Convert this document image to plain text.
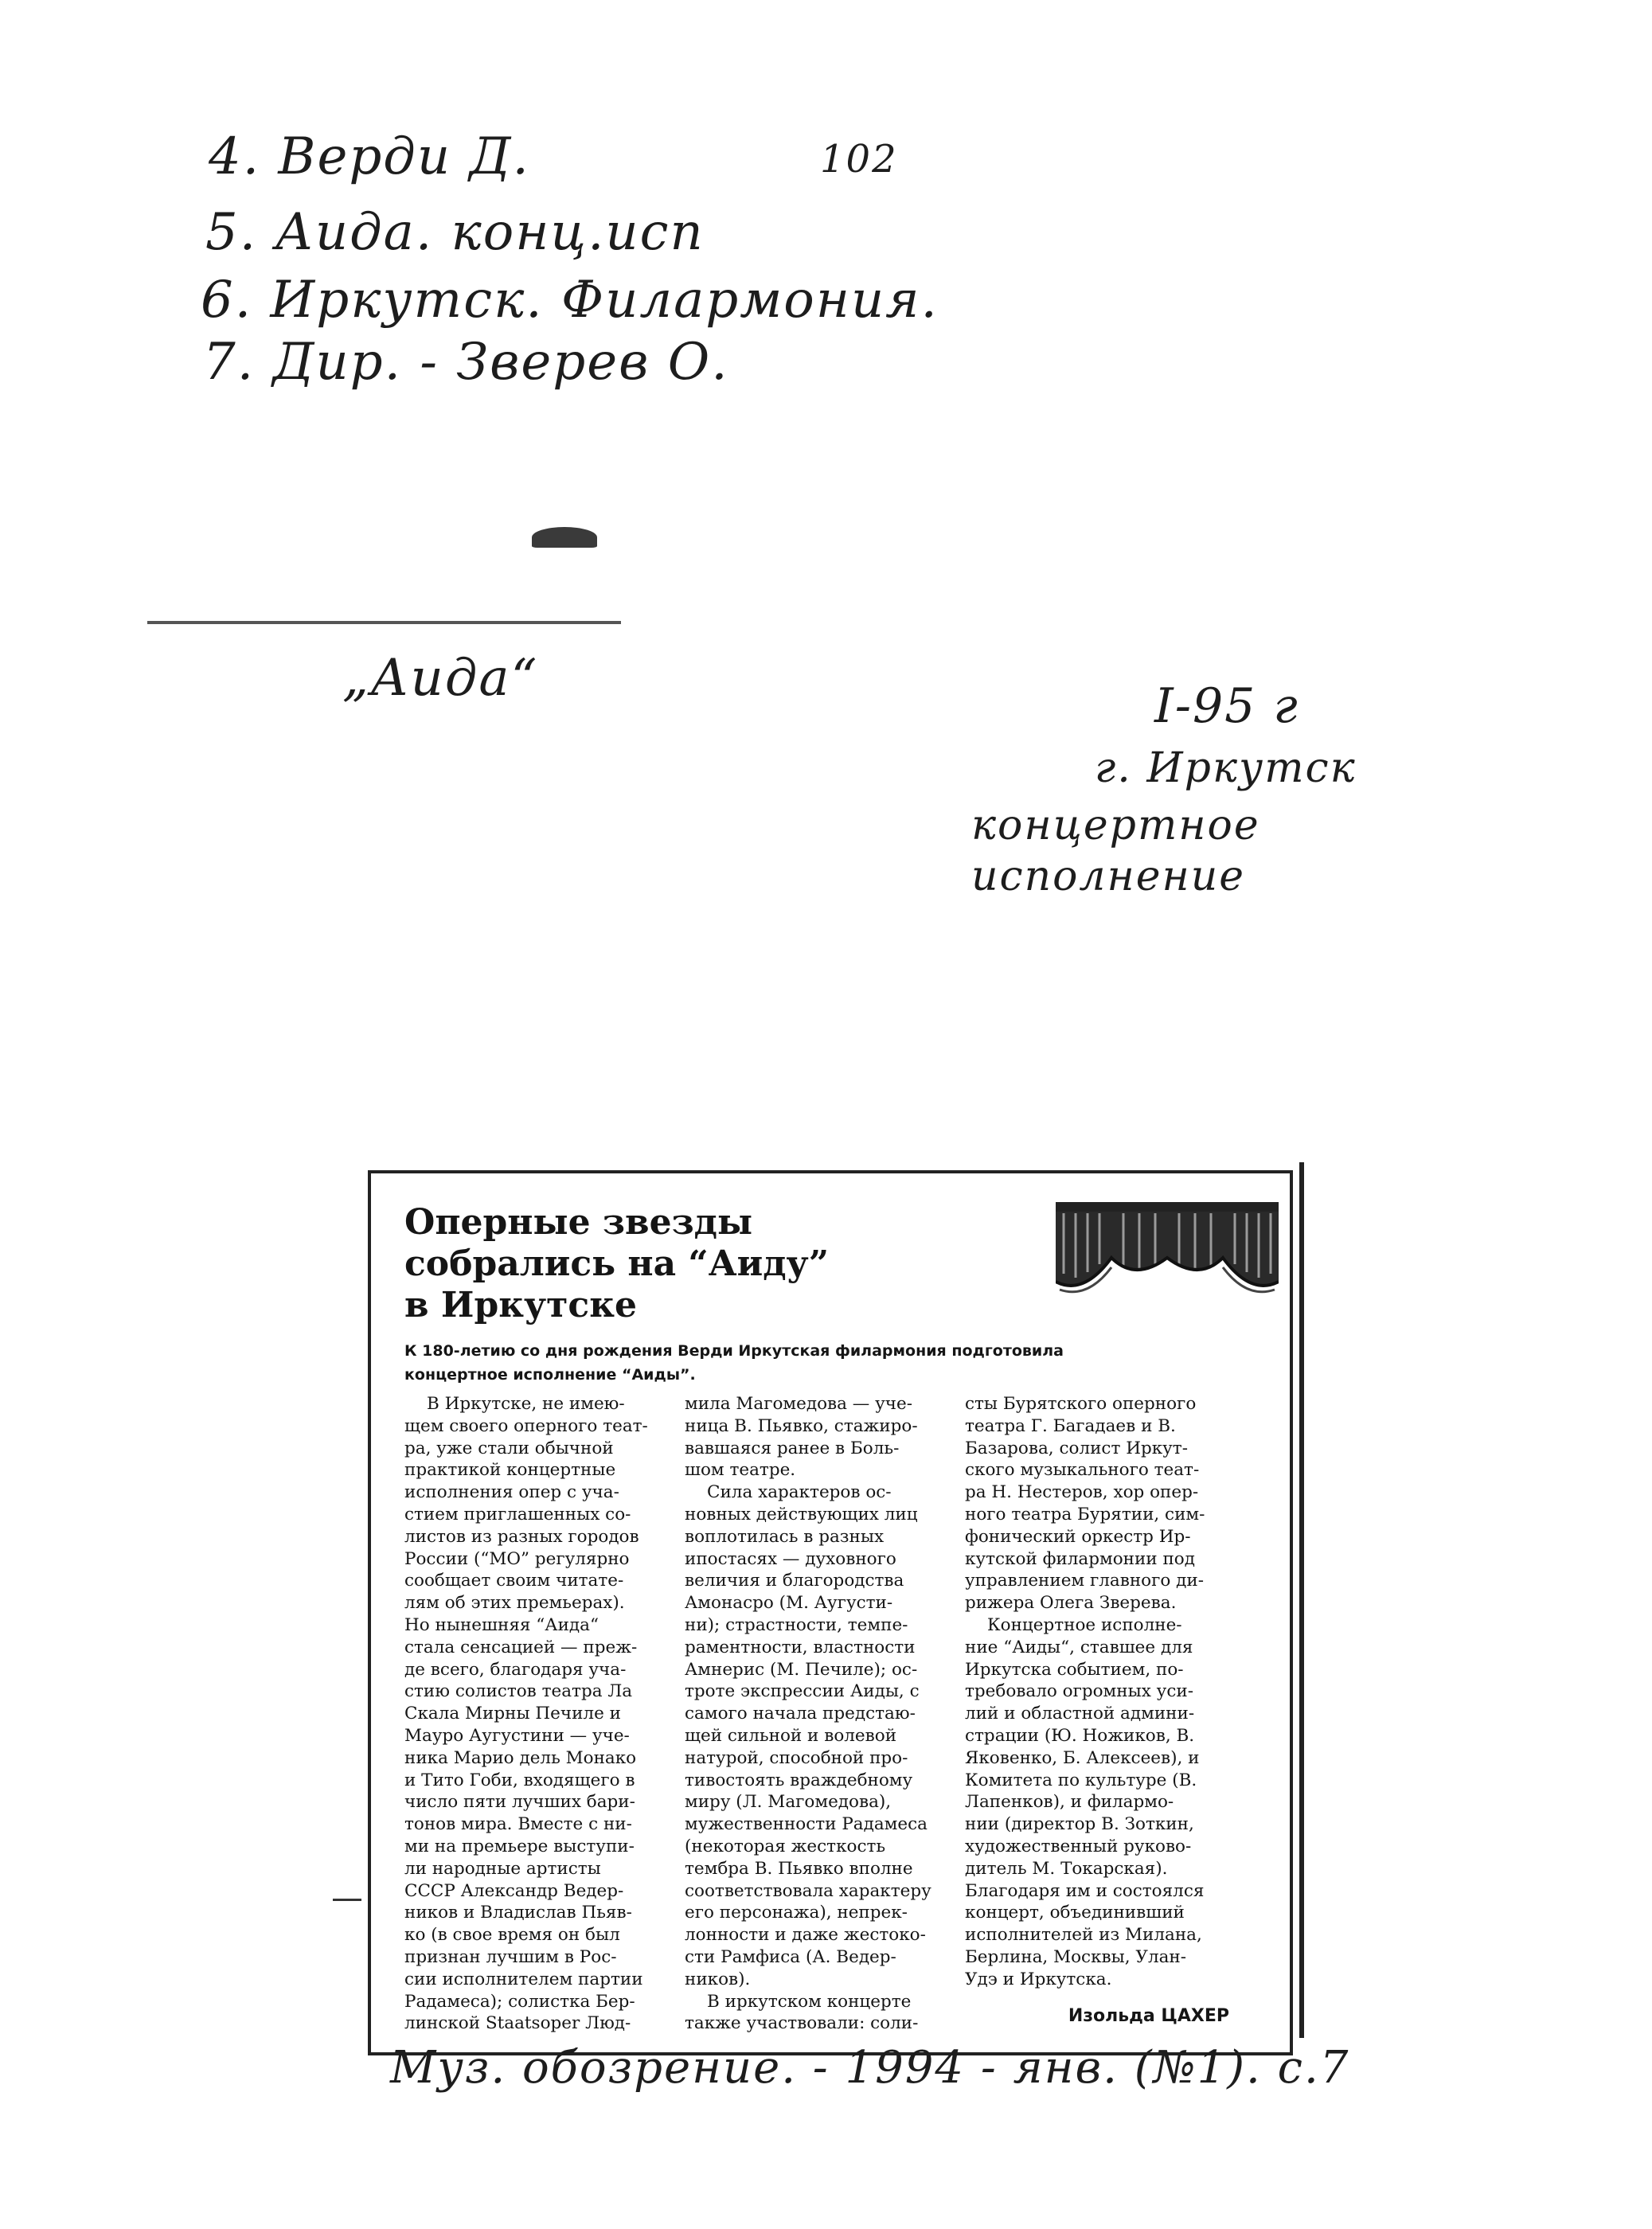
4. Верди Д.
5. Аида. конц.исп
6. Иркутск. Филармония.
7. Дир. - Зверев О.
102
„Аида“	I-95 г
г. Иркутск
концертное исполнение
Оперные звезды
собрались на “Аиду”
в Иркутске
К 180-летию со дня рождения Верди Иркутская филармония подготовила
концертное исполнение “Аиды”.
В Иркутске, не имею-
щем своего оперного теат-
ра, уже стали обычной
практикой концертные
исполнения опер с уча-
стием приглашенных со-
листов из разных городов
России (“МО” регулярно
сообщает своим читате-
лям об этих премьерах).
Но нынешняя “Аида“
стала сенсацией — преж-
де всего, благодаря уча-
стию солистов театра Ла
Скала Мирны Печиле и
Мауро Аугустини — уче-
ника Марио дель Монако
и Тито Гоби, входящего в
число пяти лучших бари-
тонов мира. Вместе с ни-
ми на премьере выступи-
ли народные артисты
СССР Александр Ведер-
ников и Владислав Пьяв-
ко (в свое время он был
признан лучшим в Рос-
сии исполнителем партии
Радамеса); солистка Бер-
линской Staatsoper Люд-
мила Магомедова — уче-
ница В. Пьявко, стажиро-
вавшаяся ранее в Боль-
шом театре.
Сила характеров ос-
новных действующих лиц
воплотилась в разных
ипостасях — духовного
величия и благородства
Амонасро (М. Аугусти-
ни); страстности, темпе-
раментности, властности
Амнерис (М. Печиле); ос-
троте экспрессии Аиды, с
самого начала предстаю-
щей сильной и волевой
натурой, способной про-
тивостоять враждебному
миру (Л. Магомедова),
мужественности Радамеса
(некоторая жесткость
тембра В. Пьявко вполне
соответствовала характеру
его персонажа), непрек-
лонности и даже жестоко-
сти Рамфиса (А. Ведер-
ников).
В иркутском концерте
также участвовали: соли-
сты Бурятского оперного
театра Г. Багадаев и В.
Базарова, солист Иркут-
ского музыкального теат-
ра Н. Нестеров, хор опер-
ного театра Бурятии, сим-
фонический оркестр Ир-
кутской филармонии под
управлением главного ди-
рижера Олега Зверева.
Концертное исполне-
ние “Аиды“, ставшее для
Иркутска событием, по-
требовало огромных уси-
лий и областной админи-
страции (Ю. Ножиков, В.
Яковенко, Б. Алексеев), и
Комитета по культуре (В.
Лапенков), и филармо-
нии (директор В. Зоткин,
художественный руково-
дитель М. Токарская).
Благодаря им и состоялся
концерт, объединивший
исполнителей из Милана,
Берлина, Москвы, Улан-
Удэ и Иркутска.
Изольда ЦАХЕР
Муз. обозрение. - 1994 - янв. (№1). с.7
